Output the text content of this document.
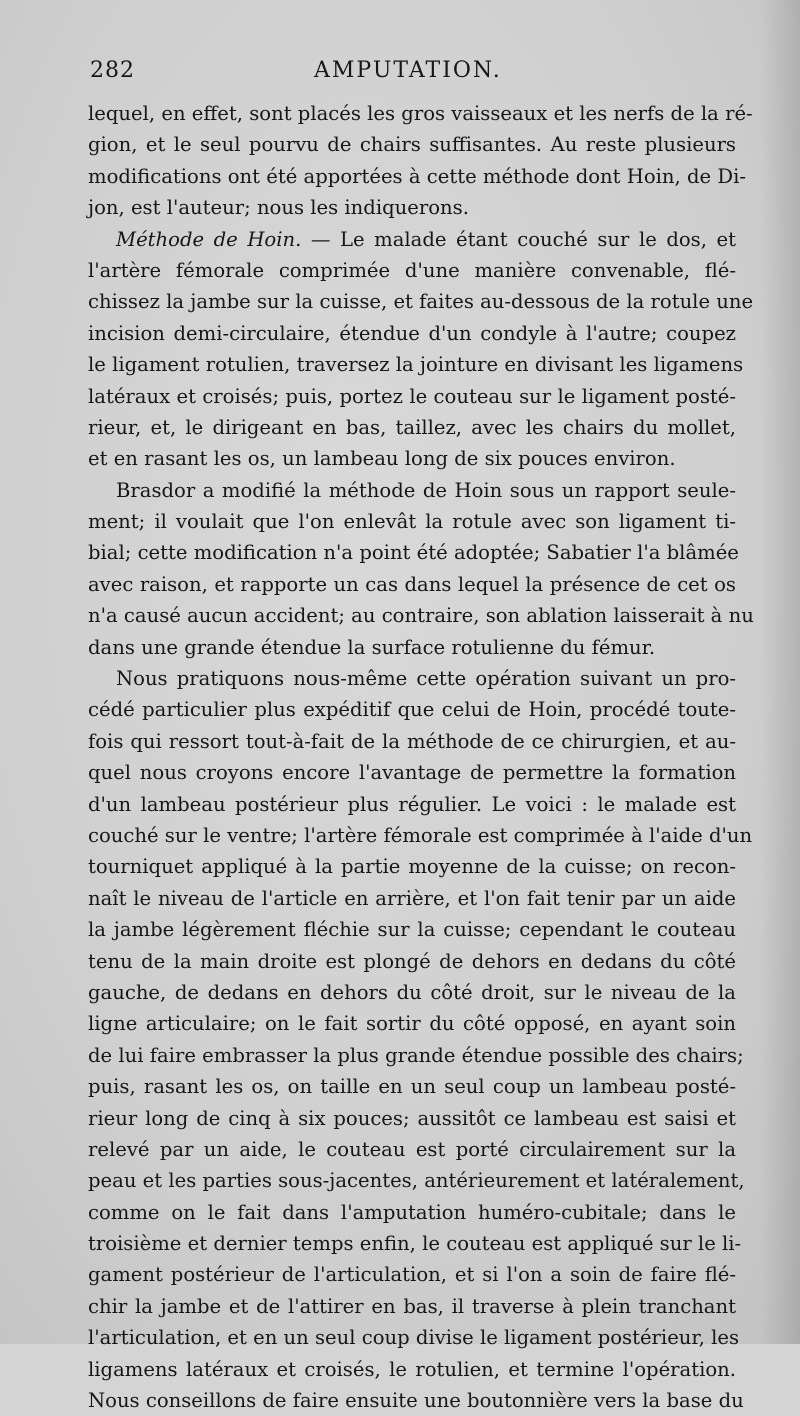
282	AMPUTATION.
lequel, en effet, sont placés les gros vaisseaux et les nerfs de la ré-
gion, et le seul pourvu de chairs suffisantes. Au reste plusieurs
modifications ont été apportées à cette méthode dont Hoin, de Di-
jon, est l'auteur; nous les indiquerons.
Méthode de Hoin. — Le malade étant couché sur le dos, et
l'artère fémorale comprimée d'une manière convenable, flé-
chissez la jambe sur la cuisse, et faites au-dessous de la rotule une
incision demi-circulaire, étendue d'un condyle à l'autre; coupez
le ligament rotulien, traversez la jointure en divisant les ligamens
latéraux et croisés; puis, portez le couteau sur le ligament posté-
rieur, et, le dirigeant en bas, taillez, avec les chairs du mollet,
et en rasant les os, un lambeau long de six pouces environ.
Brasdor a modifié la méthode de Hoin sous un rapport seule-
ment; il voulait que l'on enlevât la rotule avec son ligament ti-
bial; cette modification n'a point été adoptée; Sabatier l'a blâmée
avec raison, et rapporte un cas dans lequel la présence de cet os
n'a causé aucun accident; au contraire, son ablation laisserait à nu
dans une grande étendue la surface rotulienne du fémur.
Nous pratiquons nous-même cette opération suivant un pro-
cédé particulier plus expéditif que celui de Hoin, procédé toute-
fois qui ressort tout-à-fait de la méthode de ce chirurgien, et au-
quel nous croyons encore l'avantage de permettre la formation
d'un lambeau postérieur plus régulier. Le voici : le malade est
couché sur le ventre; l'artère fémorale est comprimée à l'aide d'un
tourniquet appliqué à la partie moyenne de la cuisse; on recon-
naît le niveau de l'article en arrière, et l'on fait tenir par un aide
la jambe légèrement fléchie sur la cuisse; cependant le couteau
tenu de la main droite est plongé de dehors en dedans du côté
gauche, de dedans en dehors du côté droit, sur le niveau de la
ligne articulaire; on le fait sortir du côté opposé, en ayant soin
de lui faire embrasser la plus grande étendue possible des chairs;
puis, rasant les os, on taille en un seul coup un lambeau posté-
rieur long de cinq à six pouces; aussitôt ce lambeau est saisi et
relevé par un aide, le couteau est porté circulairement sur la
peau et les parties sous-jacentes, antérieurement et latéralement,
comme on le fait dans l'amputation huméro-cubitale; dans le
troisième et dernier temps enfin, le couteau est appliqué sur le li-
gament postérieur de l'articulation, et si l'on a soin de faire flé-
chir la jambe et de l'attirer en bas, il traverse à plein tranchant
l'articulation, et en un seul coup divise le ligament postérieur, les
ligamens latéraux et croisés, le rotulien, et termine l'opération.
Nous conseillons de faire ensuite une boutonnière vers la base du
